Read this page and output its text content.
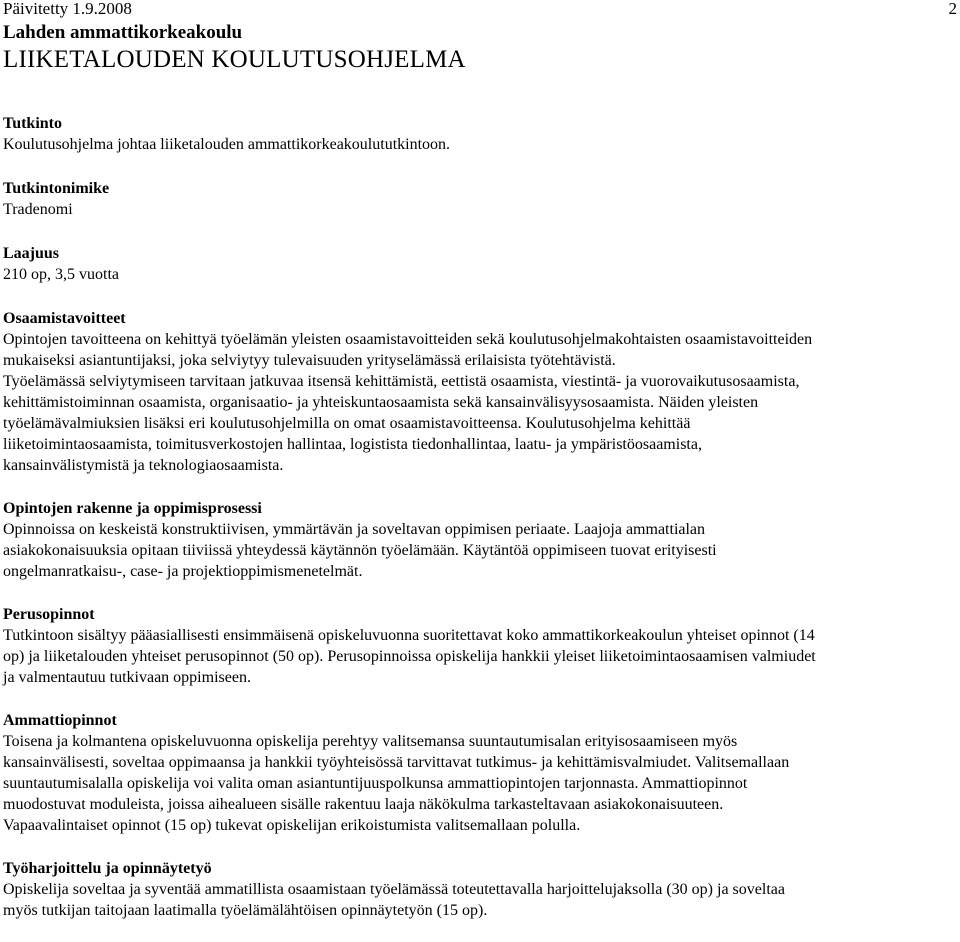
Päivitetty 1.9.2008	2
Lahden ammattikorkeakoulu
LIIKETALOUDEN KOULUTUSOHJELMA
Tutkinto
Koulutusohjelma johtaa liiketalouden ammattikorkeakoulututkintoon.
Tutkintonimike
Tradenomi
Laajuus
210 op, 3,5 vuotta
Osaamistavoitteet
Opintojen tavoitteena on kehittyä työelämän yleisten osaamistavoitteiden sekä koulutusohjelmakohtaisten osaamistavoitteiden
mukaiseksi asiantuntijaksi, joka selviytyy tulevaisuuden yrityselämässä erilaisista työtehtävistä.
Työelämässä selviytymiseen tarvitaan jatkuvaa itsensä kehittämistä, eettistä osaamista, viestintä- ja vuorovaikutusosaamista,
kehittämistoiminnan osaamista, organisaatio- ja yhteiskuntaosaamista sekä kansainvälisyysosaamista. Näiden yleisten
työelämävalmiuksien lisäksi eri koulutusohjelmilla on omat osaamistavoitteensa. Koulutusohjelma kehittää
liiketoimintaosaamista, toimitusverkostojen hallintaa, logistista tiedonhallintaa, laatu- ja ympäristöosaamista,
kansainvälistymistä ja teknologiaosaamista.
Opintojen rakenne ja oppimisprosessi
Opinnoissa on keskeistä konstruktiivisen, ymmärtävän ja soveltavan oppimisen periaate. Laajoja ammattialan
asiakokonaisuuksia opitaan tiiviissä yhteydessä käytännön työelämään. Käytäntöä oppimiseen tuovat erityisesti
ongelmanratkaisu-, case- ja projektioppimismenetelmät.
Perusopinnot
Tutkintoon sisältyy pääasiallisesti ensimmäisenä opiskeluvuonna suoritettavat koko ammattikorkeakoulun yhteiset opinnot (14
op) ja liiketalouden yhteiset perusopinnot (50 op). Perusopinnoissa opiskelija hankkii yleiset liiketoimintaosaamisen valmiudet
ja valmentautuu tutkivaan oppimiseen.
Ammattiopinnot
Toisena ja kolmantena opiskeluvuonna opiskelija perehtyy valitsemansa suuntautumisalan erityisosaamiseen myös
kansainvälisesti, soveltaa oppimaansa ja hankkii työyhteisössä tarvittavat tutkimus- ja kehittämisvalmiudet. Valitsemallaan
suuntautumisalalla opiskelija voi valita oman asiantuntijuuspolkunsa ammattiopintojen tarjonnasta. Ammattiopinnot
muodostuvat moduleista, joissa aihealueen sisälle rakentuu laaja näkökulma tarkasteltavaan asiakokonaisuuteen.
Vapaavalintaiset opinnot (15 op) tukevat opiskelijan erikoistumista valitsemallaan polulla.
Työharjoittelu ja opinnäytetyö
Opiskelija soveltaa ja syventää ammatillista osaamistaan työelämässä toteutettavalla harjoittelujaksolla (30 op) ja soveltaa
myös tutkijan taitojaan laatimalla työelämälähtöisen opinnäytetyön (15 op).
